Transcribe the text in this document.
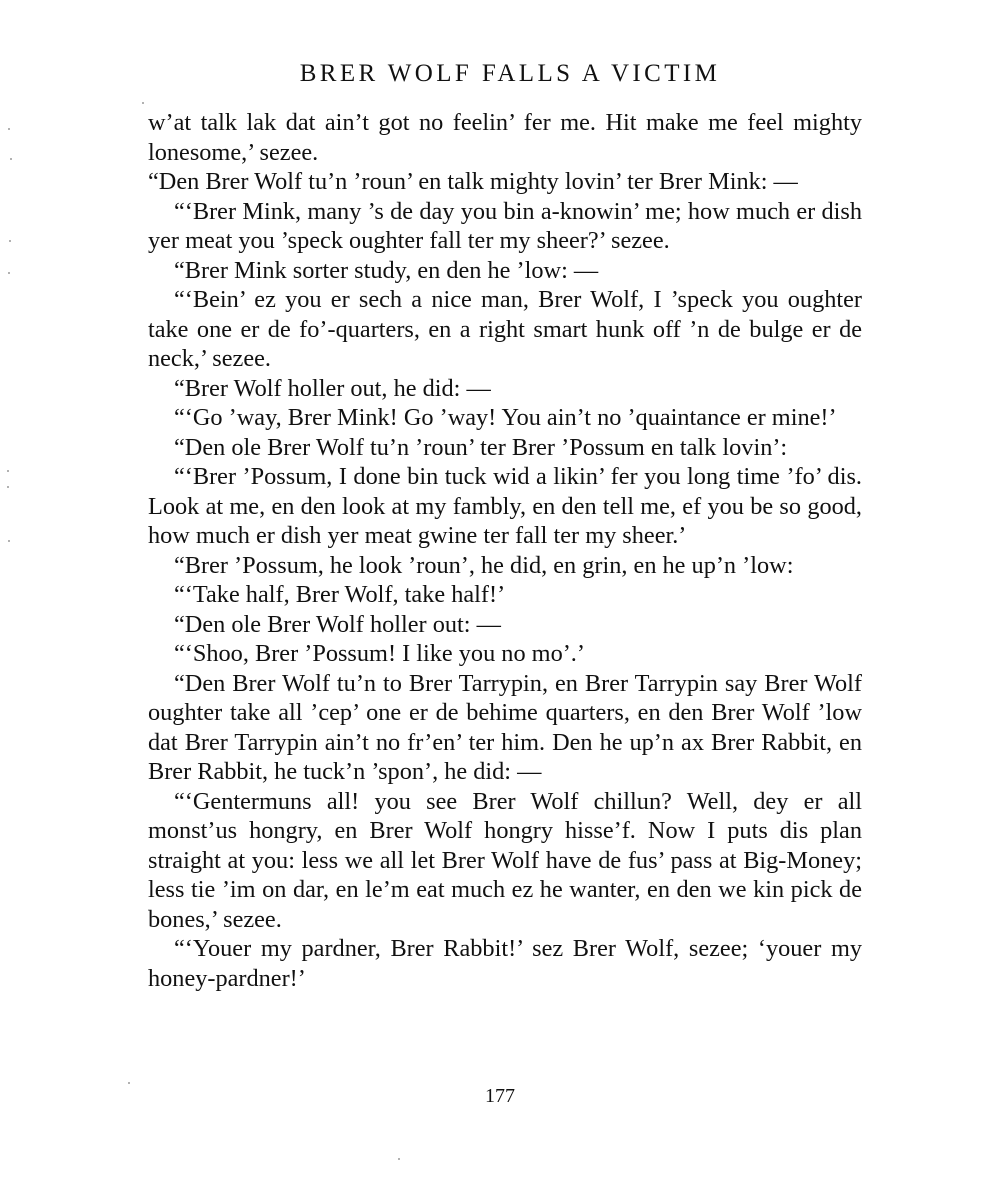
BRER WOLF FALLS A VICTIM

w’at talk lak dat ain’t got no feelin’ fer me. Hit make me feel mighty lonesome,’ sezee.

“Den Brer Wolf tu’n ’roun’ en talk mighty lovin’ ter Brer Mink: —

“‘Brer Mink, many ’s de day you bin a-knowin’ me; how much er dish yer meat you ’speck oughter fall ter my sheer?’ sezee.

“Brer Mink sorter study, en den he ’low: —

“‘Bein’ ez you er sech a nice man, Brer Wolf, I ’speck you oughter take one er de fo’-quarters, en a right smart hunk off ’n de bulge er de neck,’ sezee.

“Brer Wolf holler out, he did: —

“‘Go ’way, Brer Mink! Go ’way! You ain’t no ’quaintance er mine!’

“Den ole Brer Wolf tu’n ’roun’ ter Brer ’Possum en talk lovin’:

“‘Brer ’Possum, I done bin tuck wid a likin’ fer you long time ’fo’ dis. Look at me, en den look at my fambly, en den tell me, ef you be so good, how much er dish yer meat gwine ter fall ter my sheer.’

“Brer ’Possum, he look ’roun’, he did, en grin, en he up’n ’low:

“‘Take half, Brer Wolf, take half!’

“Den ole Brer Wolf holler out: —

“‘Shoo, Brer ’Possum! I like you no mo’.’

“Den Brer Wolf tu’n to Brer Tarrypin, en Brer Tarrypin say Brer Wolf oughter take all ’cep’ one er de behime quarters, en den Brer Wolf ’low dat Brer Tarrypin ain’t no fr’en’ ter him. Den he up’n ax Brer Rabbit, en Brer Rabbit, he tuck’n ’spon’, he did: —

“‘Gentermuns all! you see Brer Wolf chillun? Well, dey er all monst’us hongry, en Brer Wolf hongry hisse’f. Now I puts dis plan straight at you: less we all let Brer Wolf have de fus’ pass at Big-Money; less tie ’im on dar, en le’m eat much ez he wanter, en den we kin pick de bones,’ sezee.

“‘Youer my pardner, Brer Rabbit!’ sez Brer Wolf, sezee; ‘youer my honey-pardner!’

177
